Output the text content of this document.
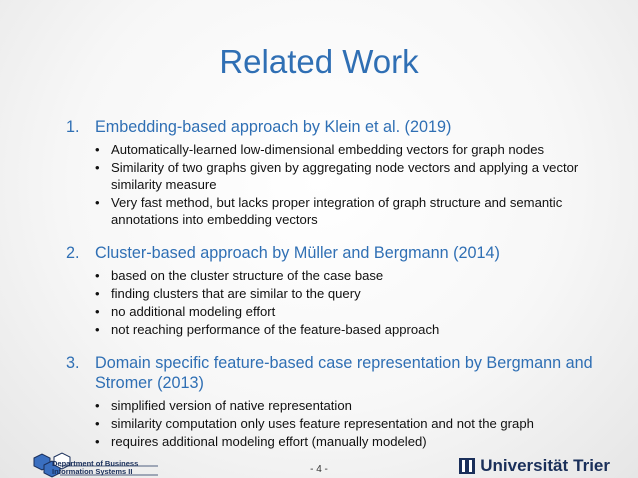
Related Work
1. Embedding-based approach by Klein et al. (2019)
• Automatically-learned low-dimensional embedding vectors for graph nodes
• Similarity of two graphs given by aggregating node vectors and applying a vector similarity measure
• Very fast method, but lacks proper integration of graph structure and semantic annotations into embedding vectors
2. Cluster-based approach by Müller and Bergmann (2014)
• based on the cluster structure of the case base
• finding clusters that are similar to the query
• no additional modeling effort
• not reaching performance of the feature-based approach
3. Domain specific feature-based case representation by Bergmann and Stromer (2013)
• simplified version of native representation
• similarity computation only uses feature representation and not the graph
• requires additional modeling effort (manually modeled)
Department of Business
Information Systems II	- 4 -	Universität Trier
